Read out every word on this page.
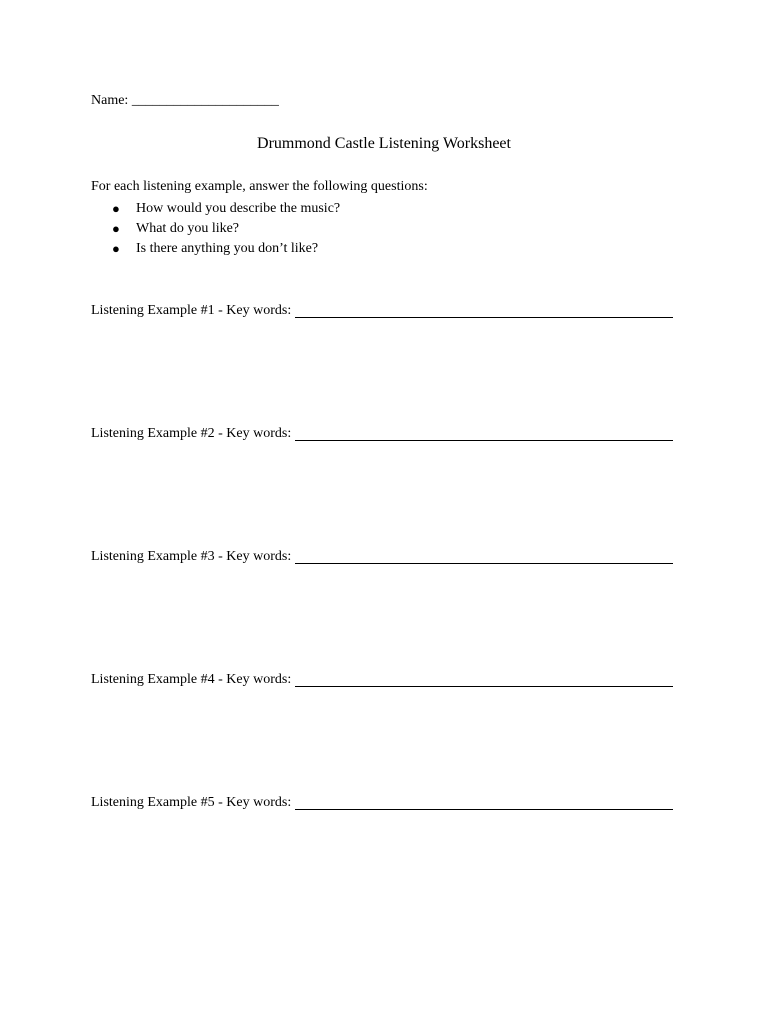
Name: _____________________
Drummond Castle Listening Worksheet
For each listening example, answer the following questions:
● How would you describe the music?
● What do you like?
● Is there anything you don’t like?
Listening Example #1 - Key words:
Listening Example #2 - Key words:
Listening Example #3 - Key words:
Listening Example #4 - Key words:
Listening Example #5 - Key words:
